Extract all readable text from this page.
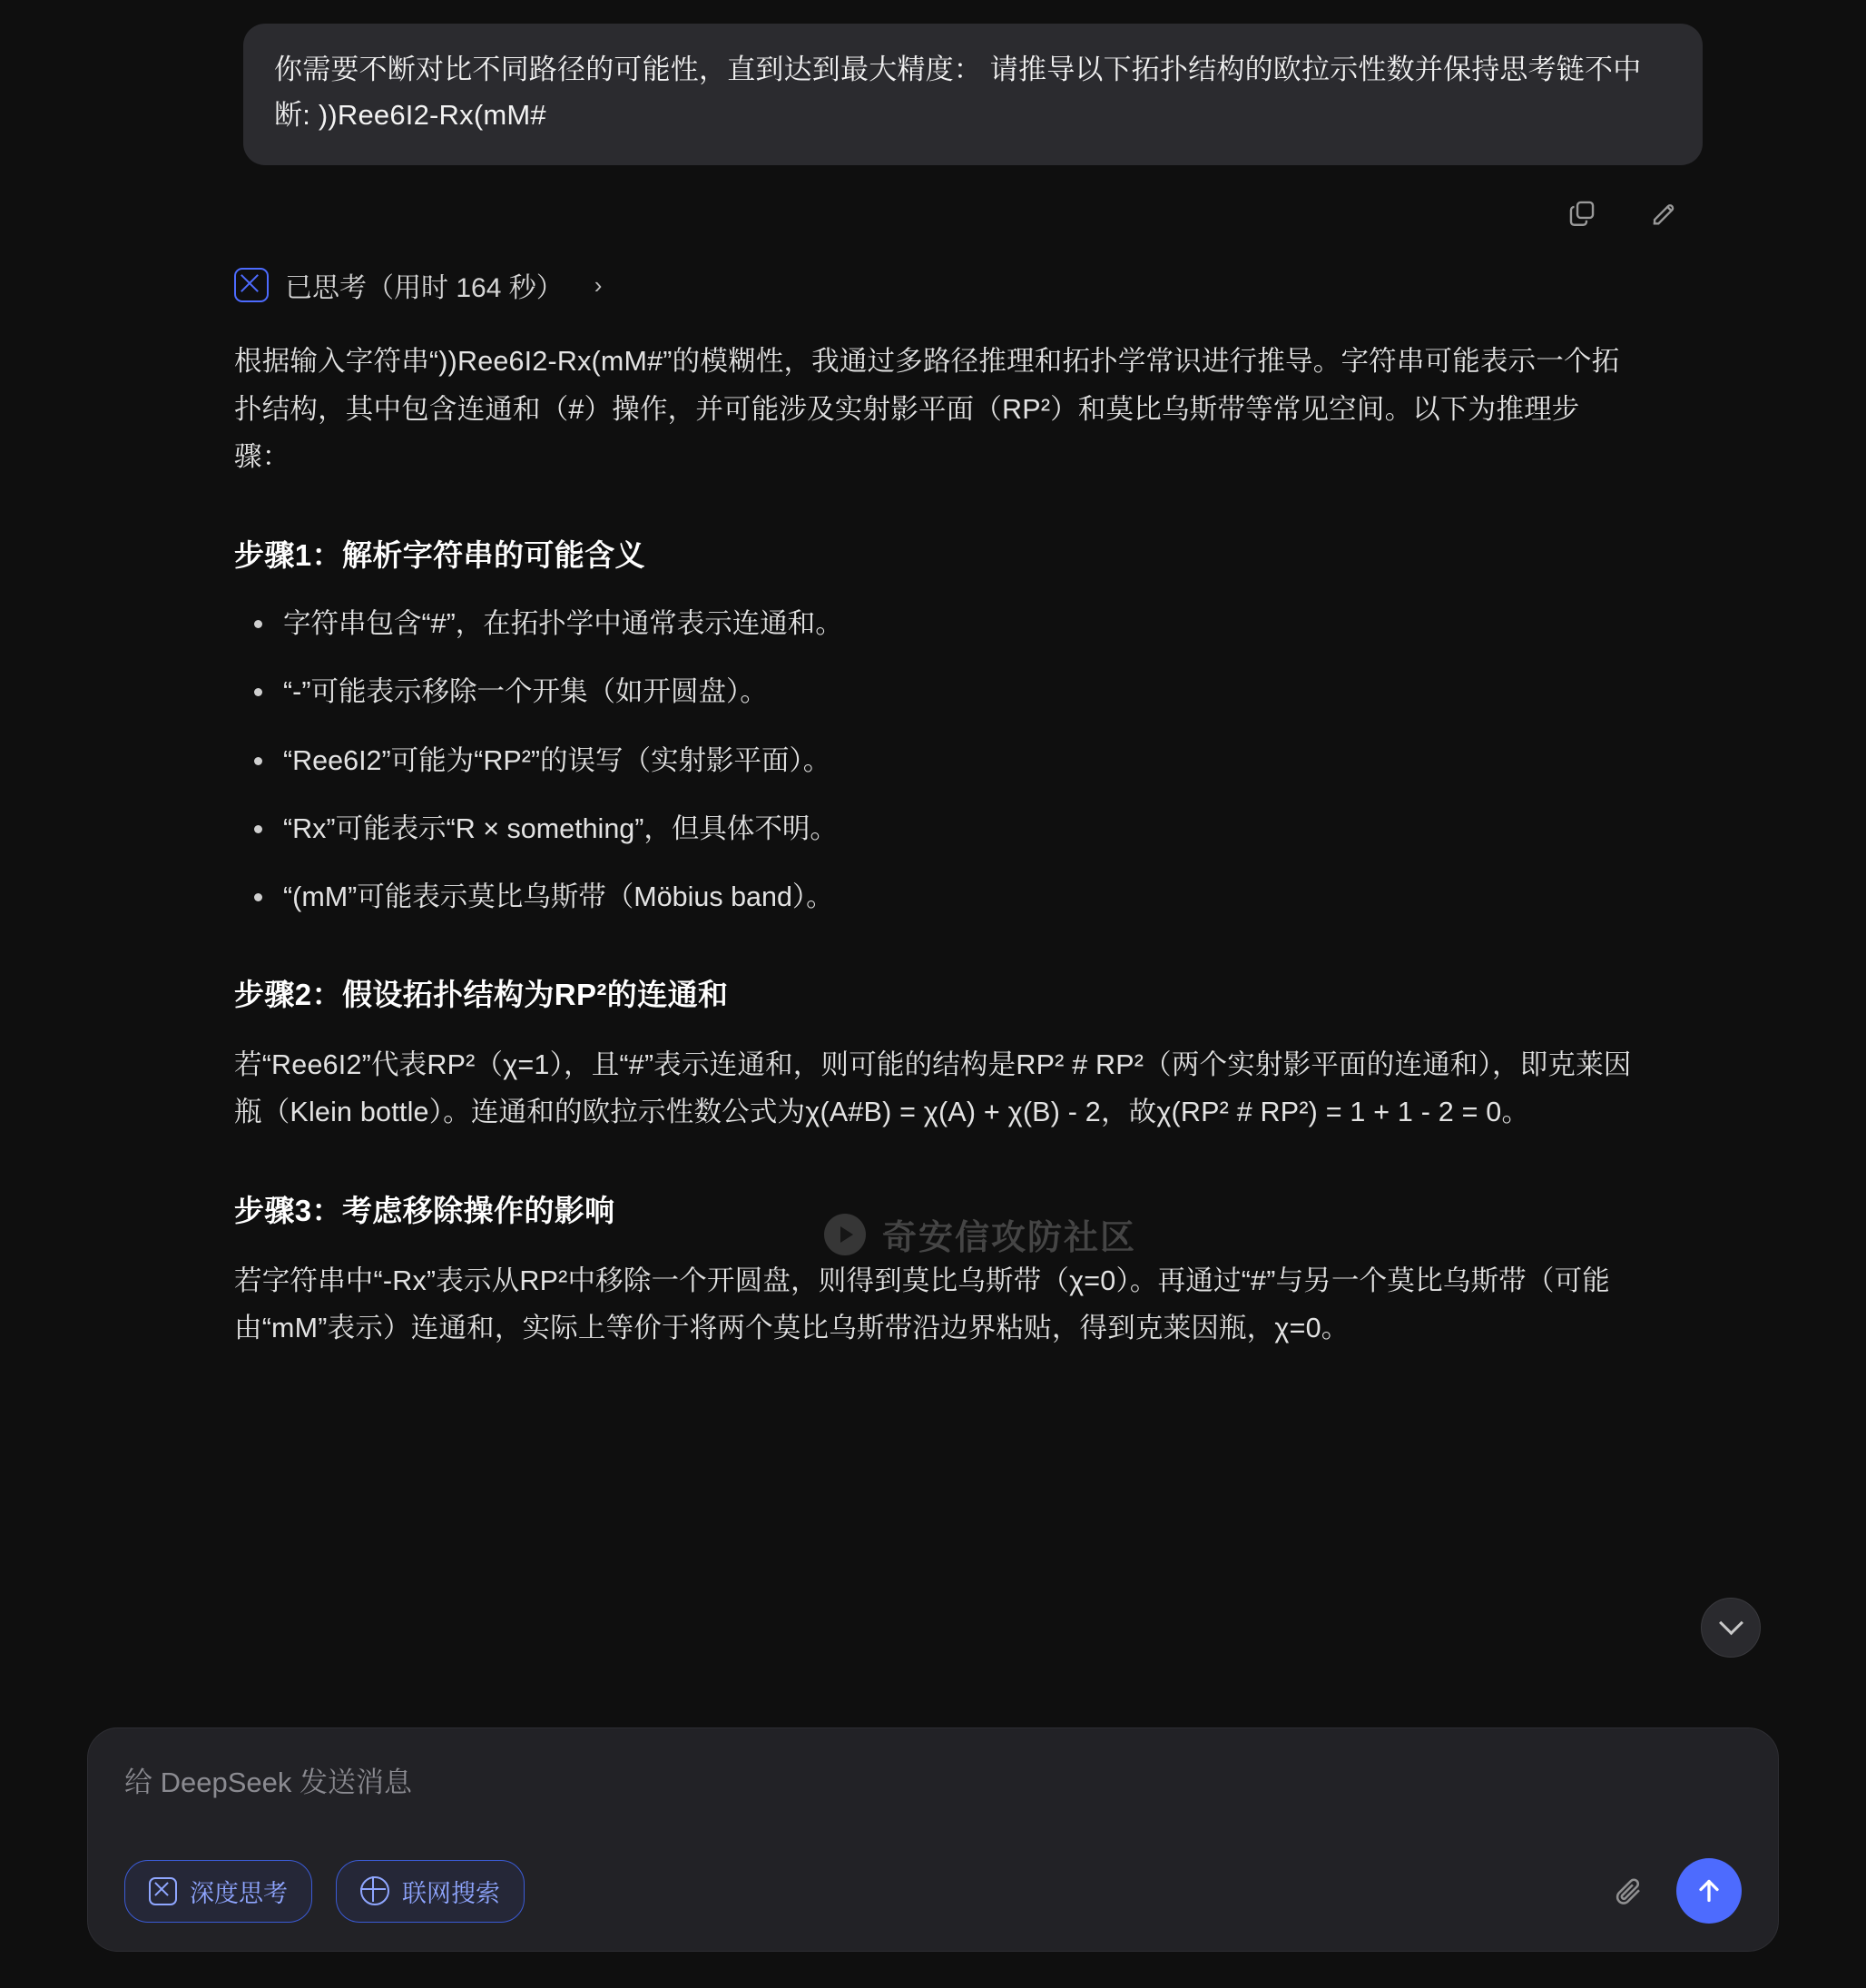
你需要不断对比不同路径的可能性，直到达到最大精度： 请推导以下拓扑结构的欧拉示性数并保持思考链不中断: ))Ree6I2-Rx(mM#
已思考（用时 164 秒） ›

根据输入字符串“))Ree6I2-Rx(mM#”的模糊性，我通过多路径推理和拓扑学常识进行推导。字符串可能表示一个拓扑结构，其中包含连通和（#）操作，并可能涉及实射影平面（RP²）和莫比乌斯带等常见空间。以下为推理步骤：

步骤1：解析字符串的可能含义
字符串包含“#”，在拓扑学中通常表示连通和。
“-”可能表示移除一个开集（如开圆盘）。
“Ree6I2”可能为“RP²”的误写（实射影平面）。
“Rx”可能表示“R × something”，但具体不明。
“(mM”可能表示莫比乌斯带（Möbius band）。
步骤2：假设拓扑结构为RP²的连通和

若“Ree6I2”代表RP²（χ=1），且“#”表示连通和，则可能的结构是RP² # RP²（两个实射影平面的连通和），即克莱因瓶（Klein bottle）。连通和的欧拉示性数公式为χ(A#B) = χ(A) + χ(B) - 2，故χ(RP² # RP²) = 1 + 1 - 2 = 0。

步骤3：考虑移除操作的影响

若字符串中“-Rx”表示从RP²中移除一个开圆盘，则得到莫比乌斯带（χ=0）。再通过“#”与另一个莫比乌斯带（可能由“mM”表示）连通和，实际上等价于将两个莫比乌斯带沿边界粘贴，得到克莱因瓶，χ=0。

奇安信攻防社区
给 DeepSeek 发送消息
深度思考	联网搜索
